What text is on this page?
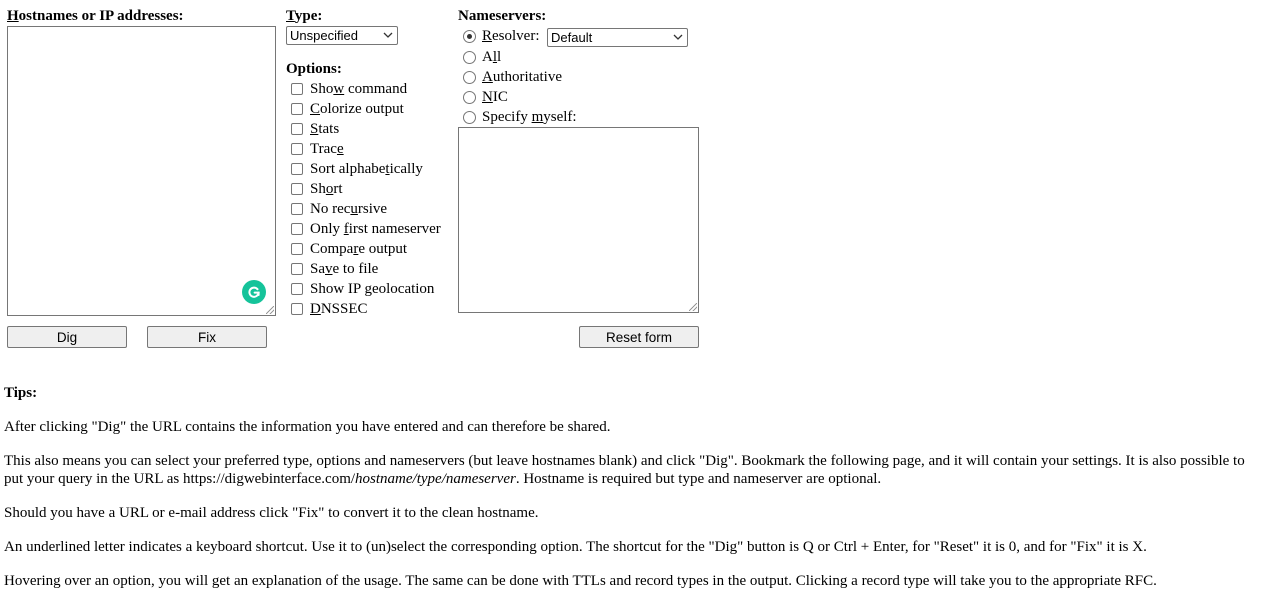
Hostnames or IP addresses:	Type:
Unspecified
Options:
Show command
Colorize output
Stats
Trace
Sort alphabetically
Short
No recursive
Only first nameserver
Compare output
Save to file
Show IP geolocation
DNSSEC
Nameservers:
Resolver: Default
All
Authoritative
NIC
Specify myself:
Dig	Fix	Reset form
Tips:
After clicking "Dig" the URL contains the information you have entered and can therefore be shared.
This also means you can select your preferred type, options and nameservers (but leave hostnames blank) and click "Dig". Bookmark the following page, and it will contain your settings. It is also possible to put your query in the URL as https://digwebinterface.com/hostname/type/nameserver. Hostname is required but type and nameserver are optional.
Should you have a URL or e-mail address click "Fix" to convert it to the clean hostname.
An underlined letter indicates a keyboard shortcut. Use it to (un)select the corresponding option. The shortcut for the "Dig" button is Q or Ctrl + Enter, for "Reset" it is 0, and for "Fix" it is X.
Hovering over an option, you will get an explanation of the usage. The same can be done with TTLs and record types in the output. Clicking a record type will take you to the appropriate RFC.
